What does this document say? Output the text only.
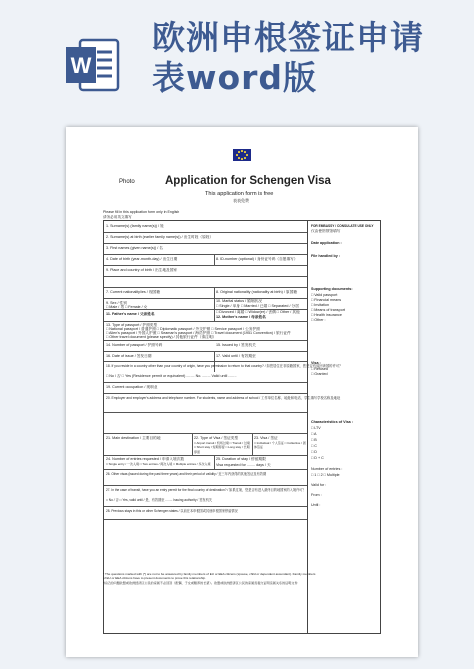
W
欧洲申根签证申请
表word版
Photo	Application for Schengen Visa
This application form is free
表表免费
Please fill in this application form only in English
请务必用英文填写
1. Surname(s) (family name(s)) / 姓
2. Surname(s) at birth (earlier family name(s)) / 出生时姓（原姓）
3. First names (given name(s)) / 名
4. Date of birth (year-month-day) / 出生日期	8. ID-number (optional) / 身份证号码（自愿填写）
9. Place and country of birth / 出生地及国家
7. Current nationality/ies / 现国籍	8. Original nationality (nationality at birth) / 原国籍
9. Sex / 性别
□ Male / 男 □ Female / 女
10. Marital status / 婚姻状况
□ Single / 单身 □ Married / 已婚 □ Separated / 分居
□ Divorced / 离婚 □ Widow(er) / 丧偶 □ Other / 其他
11. Father's name / 父亲姓名
12. Mother's name / 母亲姓名
13. Type of passport / 护照类型
□ National passport / 普通护照 □ Diplomatic passport / 外交护照 □ Service passport / 公务护照
□ Alien's passport / 外国人护照 □ Seaman's passport / 海员护照 □ Travel document (1951 Convention) / 旅行证件
□ Other travel document (please specify) / 其他旅行证件（请注明）
14. Number of passport / 护照号码	15. Issued by / 签发机关
16. Date of issue / 签发日期	17. Valid until / 有效期至
18. If you reside in a country other than your country of origin, have you permission to return to that country? / 如您居住在非原籍国家，您是否有返回该国的许可？
□ No / 否 □ Yes (Residence permit or equivalent) ........ No. ........ Valid until ........
19. Current occupation / 现职业
20. Employer and employer's address and telephone number. For students, name and address of school / 工作单位名称、地址和电话，学生填写学校名称及地址
21. Main destination / 主要目的地	22. Type of Visa / 签证类型
□ Airport transit / 机场过境 □ Transit / 过境 □ Short stay / 短期停留 □ Long stay / 长期停留
23. Visa / 签证
□ Individual / 个人签证 □ Collective / 团体签证
24. Number of entries requested / 申请入境次数
□ Single entry / 一次入境 □ Two entries / 两次入境 □ Multiple entries / 多次入境
25. Duration of stay / 停留期限
Visa requested for ........ days / 天
26. Other visas (issued during the past three years) and their period of validity / 近三年内获得的其他签证及有效期
27. In the case of transit, have you an entry permit for the final country of destination? / 如系过境，您是否有进入最终目的地国家的入境许可？
□ No / 否 □ Yes, valid until / 是，有效期至 ........ Issuing authority / 签发机关
28. Previous stays in this or other Schengen states / 以前在本申根国或其他申根国家停留情况
FOR EMBASSY / CONSULATE USE ONLY
仅由使馆领馆填写
Date application :
File handled by :
Supporting documents:
□ Valid passport
□ Financial means
□ Invitation
□ Means of transport
□ Health insurance
□ Other :
Visa :
□ Refused
□ Granted
Characteristics of Visa :
□ LTV
□ A
□ B
□ C
□ D
□ D + C
Number of entries :
□ 1 □ 2 □ Multiple
Valid for :
From :
Until :
* The questions marked with (*) are not to be answered by family members of EU or EEA citizens (spouse, child or dependent ascendant). Family members
of EU or EEA citizens have to present documents to prove this relationship.
*标记的问题欧盟或欧洲经济区公民的家属不必回答（配偶、子女或赡养的长辈）。欧盟或欧洲经济区公民的家属需提交证明亲属关系的证明文件
